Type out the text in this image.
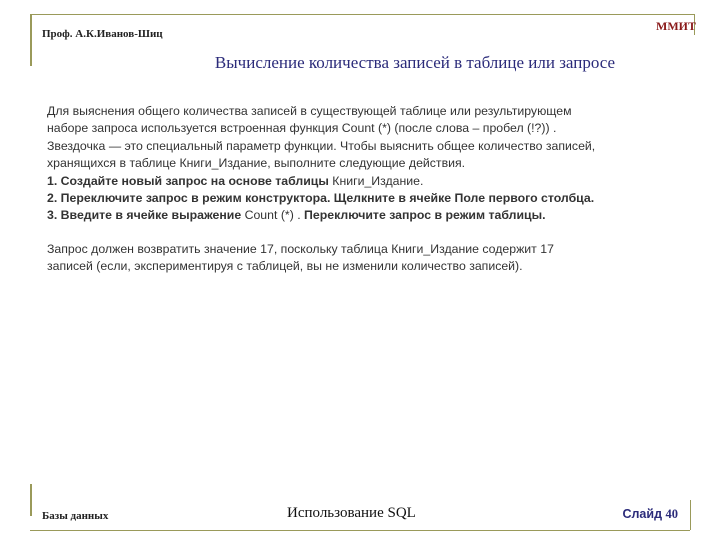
Проф. А.К.Иванов-Шиц
ММИТ
Вычисление количества записей в таблице или запросе

Для выяснения общего количества записей в существующей таблице или результирующем

наборе запроса используется встроенная функция Count (*) (после слова – пробел (!?)) .

Звездочка — это специальный параметр функции. Чтобы выяснить общее количество записей,

хранящихся в таблице Книги_Издание, выполните следующие действия.

1. Создайте новый запрос на основе таблицы Книги_Издание.

2. Переключите запрос в режим конструктора. Щелкните в ячейке Поле первого столбца.

3. Введите в ячейке выражение Count (*) . Переключите запрос в режим таблицы.

Запрос должен возвратить значение 17, поскольку таблица Книги_Издание содержит 17

записей (если, экспериментируя с таблицей, вы не изменили количество записей).

Базы данных	Использование SQL	Слайд 40
